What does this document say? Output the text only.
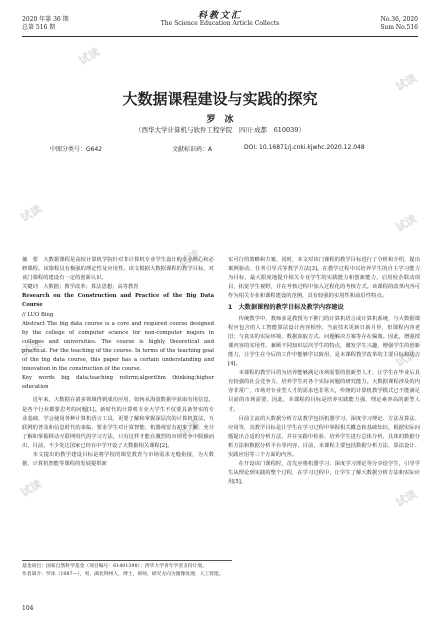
试读
试读
试读	试读
试读
试读	试读
试读
试读	试读
2020 年第 36 期
总第 516 期
科教文汇
The Science Education Article Collects
No.36, 2020
Sum No.516
大数据课程建设与实践的探究
罗　冰
（西华大学计算机与软件工程学院　四川·成都　610039）
中图分类号：G642	文献标识码：A	DOI: 10.16871/j.cnki.kjwhc.2020.12.048

摘　要　大数据课程是高校计算机学院针对非计算机专业学生设计的专业核心和必修课程。该课程具有极强的理论性及应用性。该文根据大数据课程的教学目标，对该门课程的建设有一定的创新认识。

关键词　大数据；教学改革；算法思想；高等教育

Research on the Construction and Practice of the Big Data Course

// LUO Bing

Abstract The big data course is a core and required course designed by the college of computer science for non-computer majors in colleges and universities. The course is highly theoretical and practical. For the teaching of the course. In terms of the teaching goal of the big data course, this paper has a certain understanding and innovation in the construction of the course.

Key words big data;teaching reform;algorithm thinking;higher education

近年来，大数据在诸多领域得到成功应用，如何从海量数据中获取有用信息，是各个行业都要思考的问题[1]。新时代的计算机专业大学生不仅要具备坚实的专业基础，学会使用各种计算机语言工具，更要了解和掌握深层次的计算机算法。互联网的普及和信息时代的来临，要求学生对计算智能、机器视觉有初步了解，充分了解和掌握移动互联网时代的学习方法，只有这样才能在激烈的市场竞争中脱颖而出，目前，不少发达国家已经在中学开设了大数据相关课程[2]。

本文提出的教学建设目标是将学校的课堂教育与市场需求无缝衔接，为大数据、计算机智能等课程的发展提供新

实可行的策略和方案，同时，本文对该门课程的教学目标进行了分析和介绍，提出案例驱动、任务引导式等教学方法[3]。在教学过程中以培养学生的自主学习能力为目标，最大限度地提升相关专业学生的实践能力和创新能力，启用校企联动项目，拓宽学生视野，并在考核过程中加入过程化的考核方式。该课程的改革内容可作为相关专业和课程建设的范例，具有较强的实用性和前沿性特点。

1　大数据课程的教学目标及教学内容建设

传统教学中，教师多是教授为下推门的计算机语言或计算机系统，与大数据课程应包含的人工智能算法设计内容相悖。当前技术更新日新月异，但课程内容老旧；与真实的实际环境、数据获取方式、问题解决方案等存在偏离。因此，增强授课内容的实用性，兼顾不同知识层次学生的特点，激发学生兴趣，增强学生的创新能力，让学生在今后的工作中能够学以致用，是本课程教学改革的主要目标和动力[4]。

本课程的教学目的为培养能够满足市场需要的创新型人才，让学生在毕业后具有较强的社会竞争力，培养学生对各个实际问题的研究能力。大数据课程涉及的内容非常广，市场对专业型人才的需求也非常大，传统的计算机教学模式已不能满足目前的市场需要，因此，本课程的目标是培养实践能力强、理论素养高的新型人才。

目前主流的大数据分析方法教学包括机器学习、深度学习理论、方法及算法、应用等，其教学目标是让学生在学习过程中掌握相关概念和基础知识，根据实际问题提出合适的分析方法，并在实践中检验、培养学生进行总体分析，具体的数据分析方法和数据分析平台等内容，目前，本课程主要包括数据分析方法、算法设计、实践应用等三个方面的内容。

在开设该门课程时，首先应将机器学习、深度学习理论等分享给学生，引导学生从理论到实践的整个过程，在学习过程中，让学生了解大数据分析方法和实际应用[5]。

基金项目：国家自然科学基金（项目编号：61401398）；西华大学青年学者支持计划。
作者简介：罗冰（1987—），男，湖北荆州人，博士，讲师，研究方向为图像处理、人工智能。
104
